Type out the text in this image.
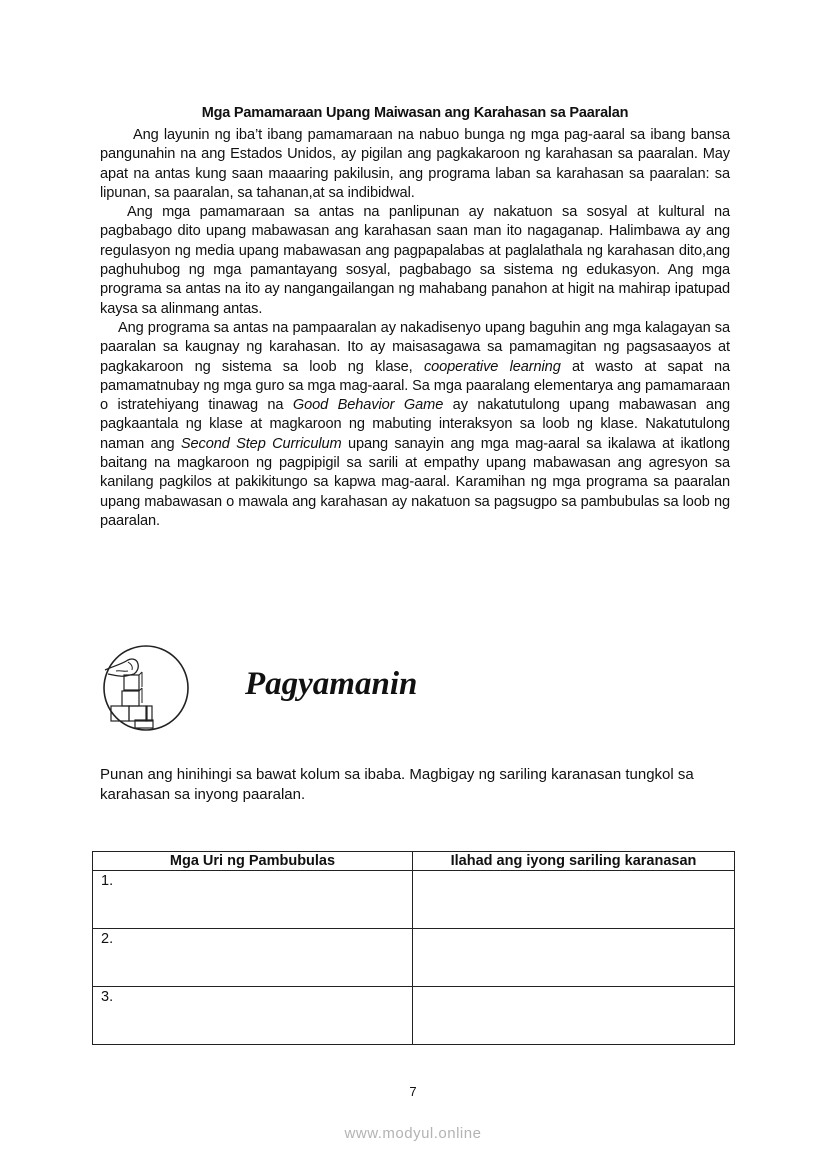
Mga Pamamaraan Upang Maiwasan ang Karahasan sa Paaralan

Ang layunin ng iba’t ibang pamamaraan na nabuo bunga ng mga pag-aaral sa ibang bansa pangunahin na ang Estados Unidos, ay pigilan ang pagkakaroon ng karahasan sa paaralan. May apat na antas kung saan maaaring pakilusin, ang programa laban sa karahasan sa paaralan: sa lipunan, sa paaralan, sa tahanan,at sa indibidwal.

Ang mga pamamaraan sa antas na panlipunan ay nakatuon sa sosyal at kultural na pagbabago dito upang mabawasan ang karahasan saan man ito nagaganap. Halimbawa ay ang regulasyon ng media upang mabawasan ang pagpapalabas at paglalathala ng karahasan dito,ang paghuhubog ng mga pamantayang sosyal, pagbabago sa sistema ng edukasyon. Ang mga programa sa antas na ito ay nangangailangan ng mahabang panahon at higit na mahirap ipatupad kaysa sa alinmang antas.

Ang programa sa antas na pampaaralan ay nakadisenyo upang baguhin ang mga kalagayan sa paaralan sa kaugnay ng karahasan. Ito ay maisasagawa sa pamamagitan ng pagsasaayos at pagkakaroon ng sistema sa loob ng klase, cooperative learning at wasto at sapat na pamamatnubay ng mga guro sa mga mag-aaral. Sa mga paaralang elementarya ang pamamaraan o istratehiyang tinawag na Good Behavior Game ay nakatutulong upang mabawasan ang pagkaantala ng klase at magkaroon ng mabuting interaksyon sa loob ng klase. Nakatutulong naman ang Second Step Curriculum upang sanayin ang mga mag-aaral sa ikalawa at ikatlong baitang na magkaroon ng pagpipigil sa sarili at empathy upang mabawasan ang agresyon sa kanilang pagkilos at pakikitungo sa kapwa mag-aaral. Karamihan ng mga programa sa paaralan upang mabawasan o mawala ang karahasan ay nakatuon sa pagsugpo sa pambubulas sa loob ng paaralan.

Pagyamanin
Punan ang hinihingi sa bawat kolum sa ibaba. Magbigay ng sariling karanasan tungkol sa karahasan sa inyong paaralan.
Mga Uri ng Pambubulas	Ilahad ang iyong sariling karanasan
1.	
2.	
3.	
7
www.modyul.online
